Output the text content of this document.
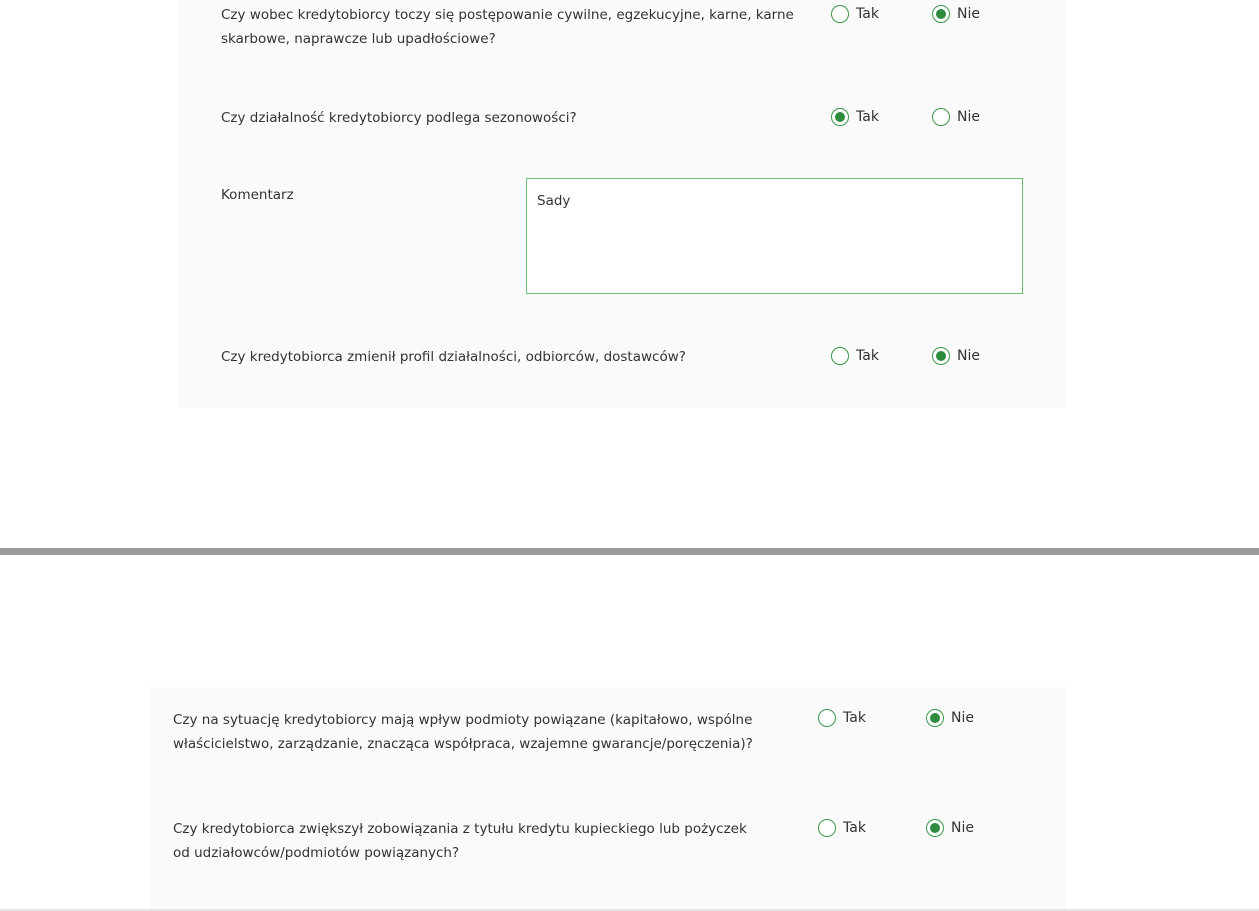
Czy wobec kredytobiorcy toczy się postępowanie cywilne, egzekucyjne, karne, karne
skarbowe, naprawcze lub upadłościowe?
Tak	Nie
Czy działalność kredytobiorcy podlega sezonowości?	Tak	Nie
Komentarz	Sady
Czy kredytobiorca zmienił profil działalności, odbiorców, dostawców?	Tak	Nie
Czy na sytuację kredytobiorcy mają wpływ podmioty powiązane (kapitałowo, wspólne
właścicielstwo, zarządzanie, znacząca współpraca, wzajemne gwarancje/poręczenia)?
Tak	Nie
Czy kredytobiorca zwiększył zobowiązania z tytułu kredytu kupieckiego lub pożyczek
od udziałowców/podmiotów powiązanych?
Tak	Nie
